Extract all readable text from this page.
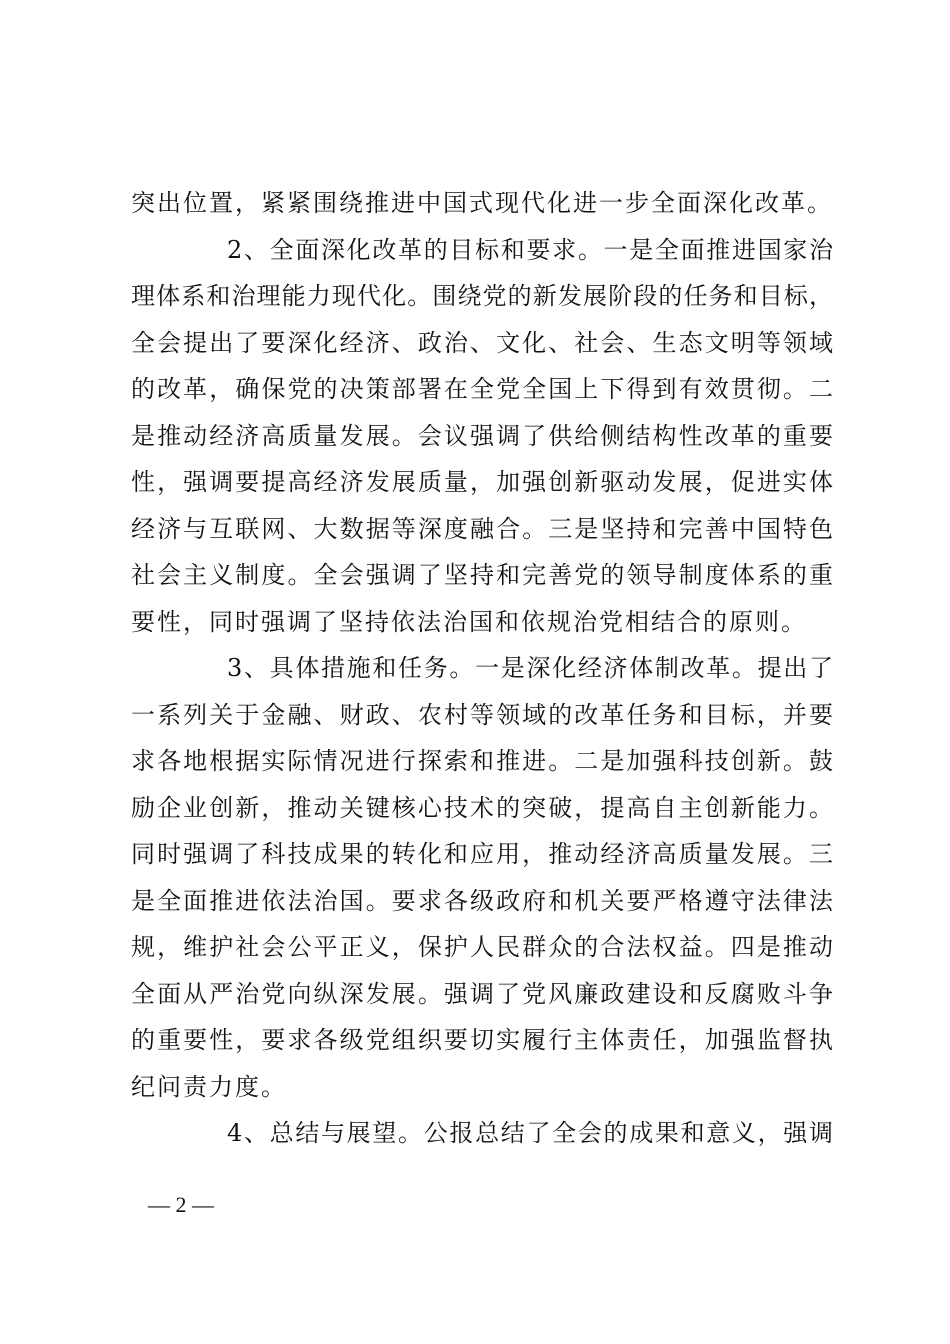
突出位置，紧紧围绕推进中国式现代化进一步全面深化改革。
2、全面深化改革的目标和要求。一是全面推进国家治
理体系和治理能力现代化。围绕党的新发展阶段的任务和目标，
全会提出了要深化经济、政治、文化、社会、生态文明等领域
的改革，确保党的决策部署在全党全国上下得到有效贯彻。二
是推动经济高质量发展。会议强调了供给侧结构性改革的重要
性，强调要提高经济发展质量，加强创新驱动发展，促进实体
经济与互联网、大数据等深度融合。三是坚持和完善中国特色
社会主义制度。全会强调了坚持和完善党的领导制度体系的重
要性，同时强调了坚持依法治国和依规治党相结合的原则。
3、具体措施和任务。一是深化经济体制改革。提出了
一系列关于金融、财政、农村等领域的改革任务和目标，并要
求各地根据实际情况进行探索和推进。二是加强科技创新。鼓
励企业创新，推动关键核心技术的突破，提高自主创新能力。
同时强调了科技成果的转化和应用，推动经济高质量发展。三
是全面推进依法治国。要求各级政府和机关要严格遵守法律法
规，维护社会公平正义，保护人民群众的合法权益。四是推动
全面从严治党向纵深发展。强调了党风廉政建设和反腐败斗争
的重要性，要求各级党组织要切实履行主体责任，加强监督执
纪问责力度。
4、总结与展望。公报总结了全会的成果和意义，强调
— 2 —
